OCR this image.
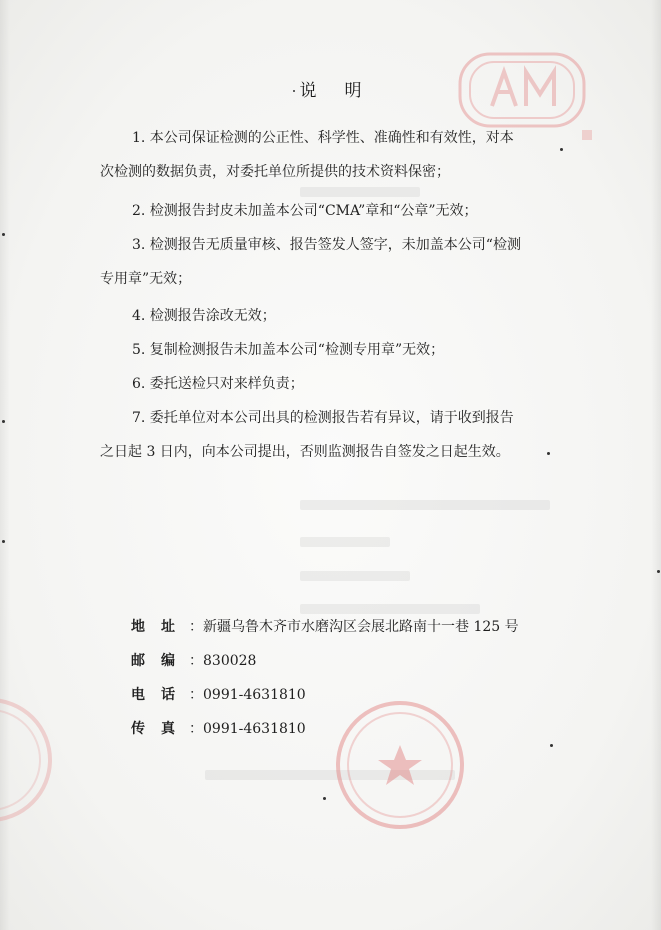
说明
1. 本公司保证检测的公正性、科学性、准确性和有效性，对本
次检测的数据负责，对委托单位所提供的技术资料保密；
2. 检测报告封皮未加盖本公司“CMA”章和“公章”无效；
3. 检测报告无质量审核、报告签发人签字，未加盖本公司“检测
专用章”无效；
4. 检测报告涂改无效；
5. 复制检测报告未加盖本公司“检测专用章”无效；
6. 委托送检只对来样负责；
7. 委托单位对本公司出具的检测报告若有异议，请于收到报告
之日起 3 日内，向本公司提出，否则监测报告自签发之日起生效。
地 址 ：新疆乌鲁木齐市水磨沟区会展北路南十一巷 125 号
邮 编 ：830028
电 话 ：0991-4631810
传 真 ：0991-4631810
